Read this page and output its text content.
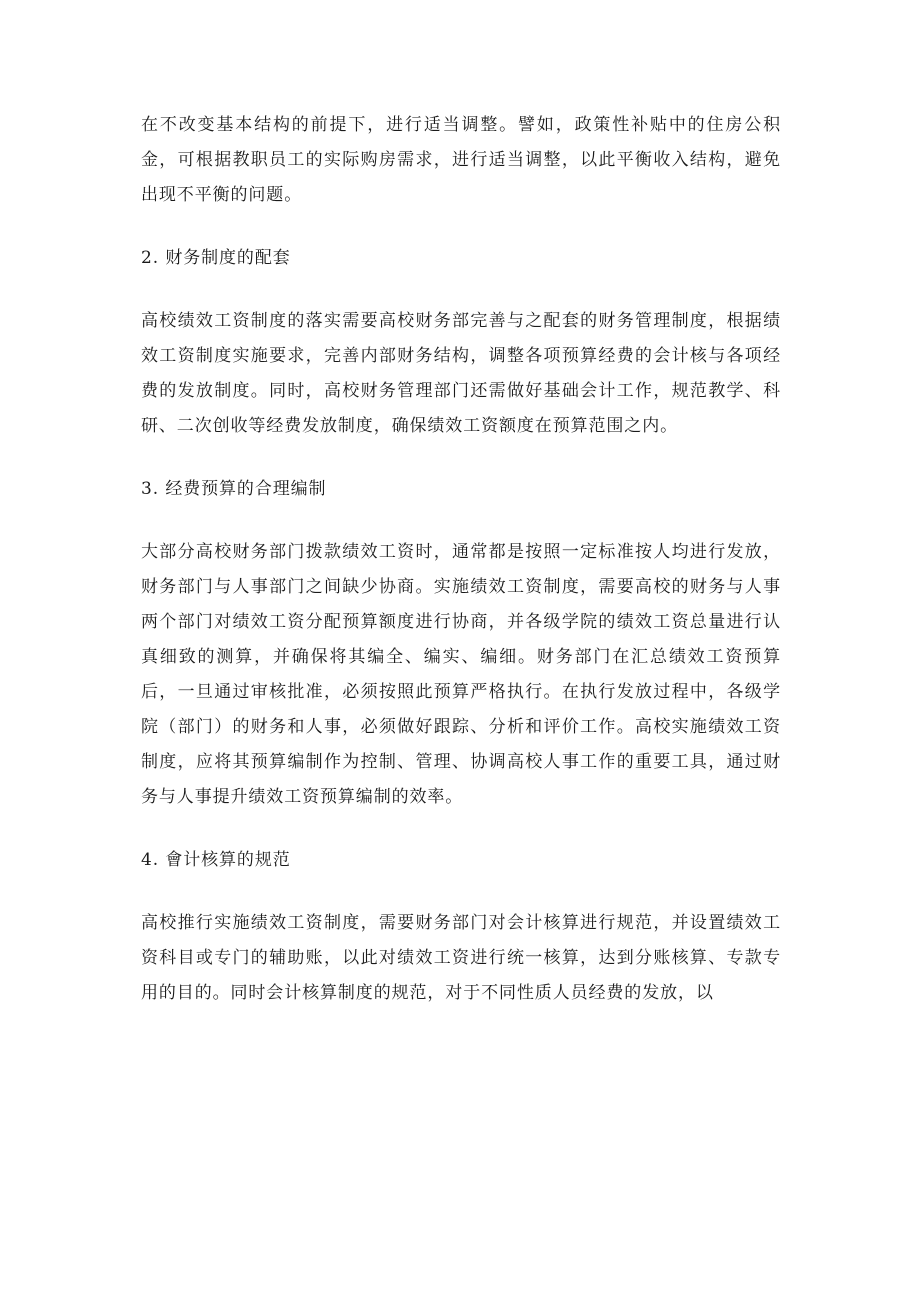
在不改变基本结构的前提下，进行适当调整。譬如，政策性补贴中的住房公积金，可根据教职员工的实际购房需求，进行适当调整，以此平衡收入结构，避免出现不平衡的问题。

2. 财务制度的配套

高校绩效工资制度的落实需要高校财务部完善与之配套的财务管理制度，根据绩效工资制度实施要求，完善内部财务结构，调整各项预算经费的会计核与各项经费的发放制度。同时，高校财务管理部门还需做好基础会计工作，规范教学、科研、二次创收等经费发放制度，确保绩效工资额度在预算范围之内。

3. 经费预算的合理编制

大部分高校财务部门拨款绩效工资时，通常都是按照一定标准按人均进行发放，财务部门与人事部门之间缺少协商。实施绩效工资制度，需要高校的财务与人事两个部门对绩效工资分配预算额度进行协商，并各级学院的绩效工资总量进行认真细致的测算，并确保将其编全、编实、编细。财务部门在汇总绩效工资预算后，一旦通过审核批准，必须按照此预算严格执行。在执行发放过程中，各级学院（部门）的财务和人事，必须做好跟踪、分析和评价工作。高校实施绩效工资制度，应将其预算编制作为控制、管理、协调高校人事工作的重要工具，通过财务与人事提升绩效工资预算编制的效率。

4. 會计核算的规范

高校推行实施绩效工资制度，需要财务部门对会计核算进行规范，并设置绩效工资科目或专门的辅助账，以此对绩效工资进行统一核算，达到分账核算、专款专用的目的。同时会计核算制度的规范，对于不同性质人员经费的发放，以
